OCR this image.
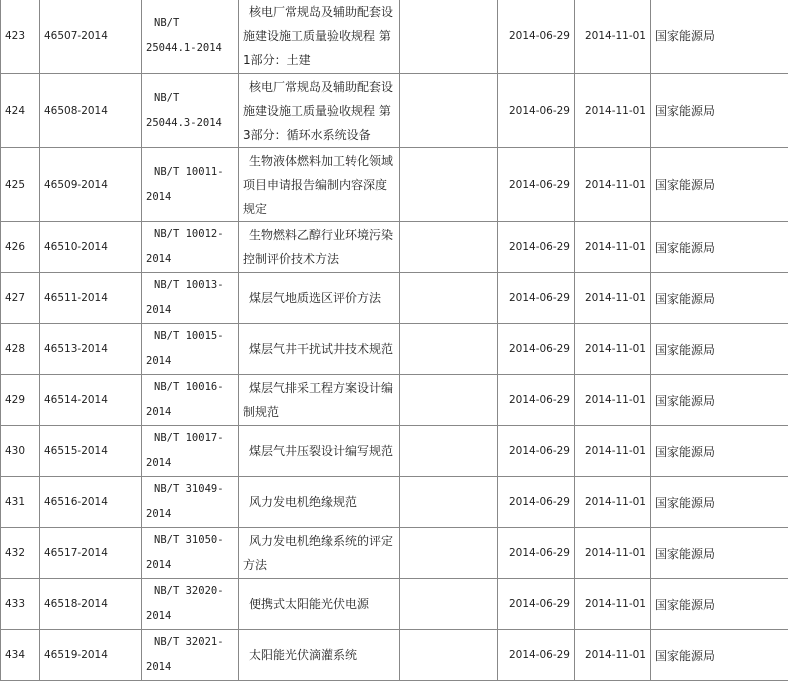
423	46507-2014	NB/T 25044.1-2014	核电厂常规岛及辅助配套设施建设施工质量验收规程 第1部分：土建		2014-06-29	2014-11-01	国家能源局
424	46508-2014	NB/T 25044.3-2014	核电厂常规岛及辅助配套设施建设施工质量验收规程 第3部分：循环水系统设备		2014-06-29	2014-11-01	国家能源局
425	46509-2014	NB/T 10011-2014	生物液体燃料加工转化领域项目申请报告编制内容深度规定		2014-06-29	2014-11-01	国家能源局
426	46510-2014	NB/T 10012-2014	生物燃料乙醇行业环境污染控制评价技术方法		2014-06-29	2014-11-01	国家能源局
427	46511-2014	NB/T 10013-2014	煤层气地质选区评价方法		2014-06-29	2014-11-01	国家能源局
428	46513-2014	NB/T 10015-2014	煤层气井干扰试井技术规范		2014-06-29	2014-11-01	国家能源局
429	46514-2014	NB/T 10016-2014	煤层气排采工程方案设计编制规范		2014-06-29	2014-11-01	国家能源局
430	46515-2014	NB/T 10017-2014	煤层气井压裂设计编写规范		2014-06-29	2014-11-01	国家能源局
431	46516-2014	NB/T 31049-2014	风力发电机绝缘规范		2014-06-29	2014-11-01	国家能源局
432	46517-2014	NB/T 31050-2014	风力发电机绝缘系统的评定方法		2014-06-29	2014-11-01	国家能源局
433	46518-2014	NB/T 32020-2014	便携式太阳能光伏电源		2014-06-29	2014-11-01	国家能源局
434	46519-2014	NB/T 32021-2014	太阳能光伏滴灌系统		2014-06-29	2014-11-01	国家能源局
